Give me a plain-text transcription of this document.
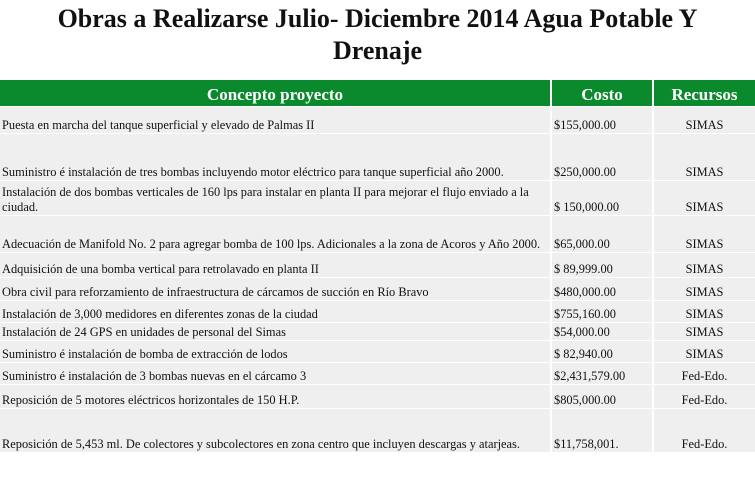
Obras a Realizarse Julio- Diciembre 2014 Agua Potable Y
Drenaje
Concepto proyecto	Costo	Recursos
Puesta en marcha del tanque superficial y elevado de Palmas II	$155,000.00	SIMAS
Suministro é instalación de tres bombas incluyendo motor eléctrico para tanque superficial año 2000.	$250,000.00	SIMAS
Instalación de dos bombas verticales de 160 lps para instalar en planta II para mejorar el flujo enviado a la ciudad.	$ 150,000.00	SIMAS
Adecuación de Manifold No. 2 para agregar bomba de 100 lps. Adicionales a la zona de Acoros y Año 2000.	$65,000.00	SIMAS
Adquisición de una bomba vertical para retrolavado en planta II	$ 89,999.00	SIMAS
Obra civil para reforzamiento de infraestructura de cárcamos de succión en Río Bravo	$480,000.00	SIMAS
Instalación de 3,000 medidores en diferentes zonas de la ciudad	$755,160.00	SIMAS
Instalación de 24 GPS en unidades de personal del Simas	$54,000.00	SIMAS
Suministro é instalación de bomba de extracción de lodos	$ 82,940.00	SIMAS
Suministro é instalación de 3 bombas nuevas en el cárcamo 3	$2,431,579.00	Fed-Edo.
Reposición de 5 motores eléctricos horizontales de 150 H.P.	$805,000.00	Fed-Edo.
Reposición de 5,453 ml. De colectores y subcolectores en zona centro que incluyen descargas y atarjeas.	$11,758,001.	Fed-Edo.
